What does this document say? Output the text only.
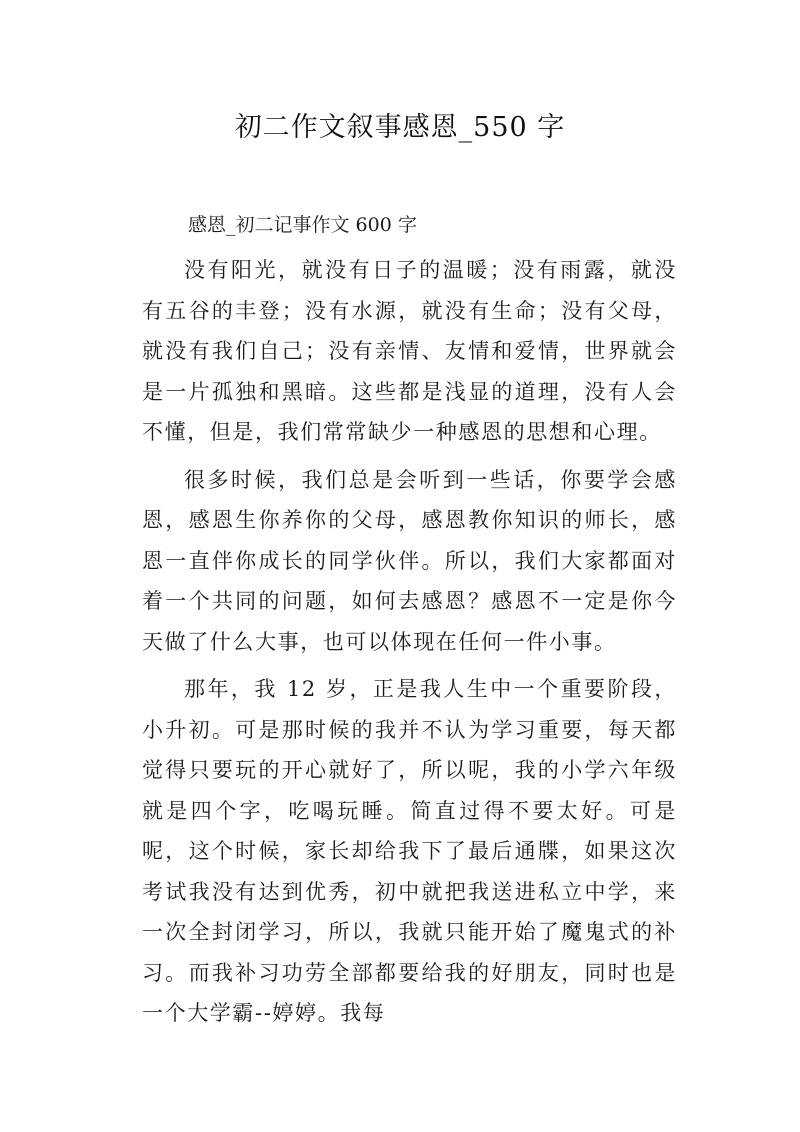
初二作文叙事感恩_550 字
感恩_初二记事作文 600 字

没有阳光，就没有日子的温暖；没有雨露，就没有五谷的丰登；没有水源，就没有生命；没有父母，就没有我们自己；没有亲情、友情和爱情，世界就会是一片孤独和黑暗。这些都是浅显的道理，没有人会不懂，但是，我们常常缺少一种感恩的思想和心理。

很多时候，我们总是会听到一些话，你要学会感恩，感恩生你养你的父母，感恩教你知识的师长，感恩一直伴你成长的同学伙伴。所以，我们大家都面对着一个共同的问题，如何去感恩？感恩不一定是你今天做了什么大事，也可以体现在任何一件小事。

那年，我 12 岁，正是我人生中一个重要阶段，小升初。可是那时候的我并不认为学习重要，每天都觉得只要玩的开心就好了，所以呢，我的小学六年级就是四个字，吃喝玩睡。简直过得不要太好。可是呢，这个时候，家长却给我下了最后通牒，如果这次考试我没有达到优秀，初中就把我送进私立中学，来一次全封闭学习，所以，我就只能开始了魔鬼式的补习。而我补习功劳全部都要给我的好朋友，同时也是一个大学霸--婷婷。我每
